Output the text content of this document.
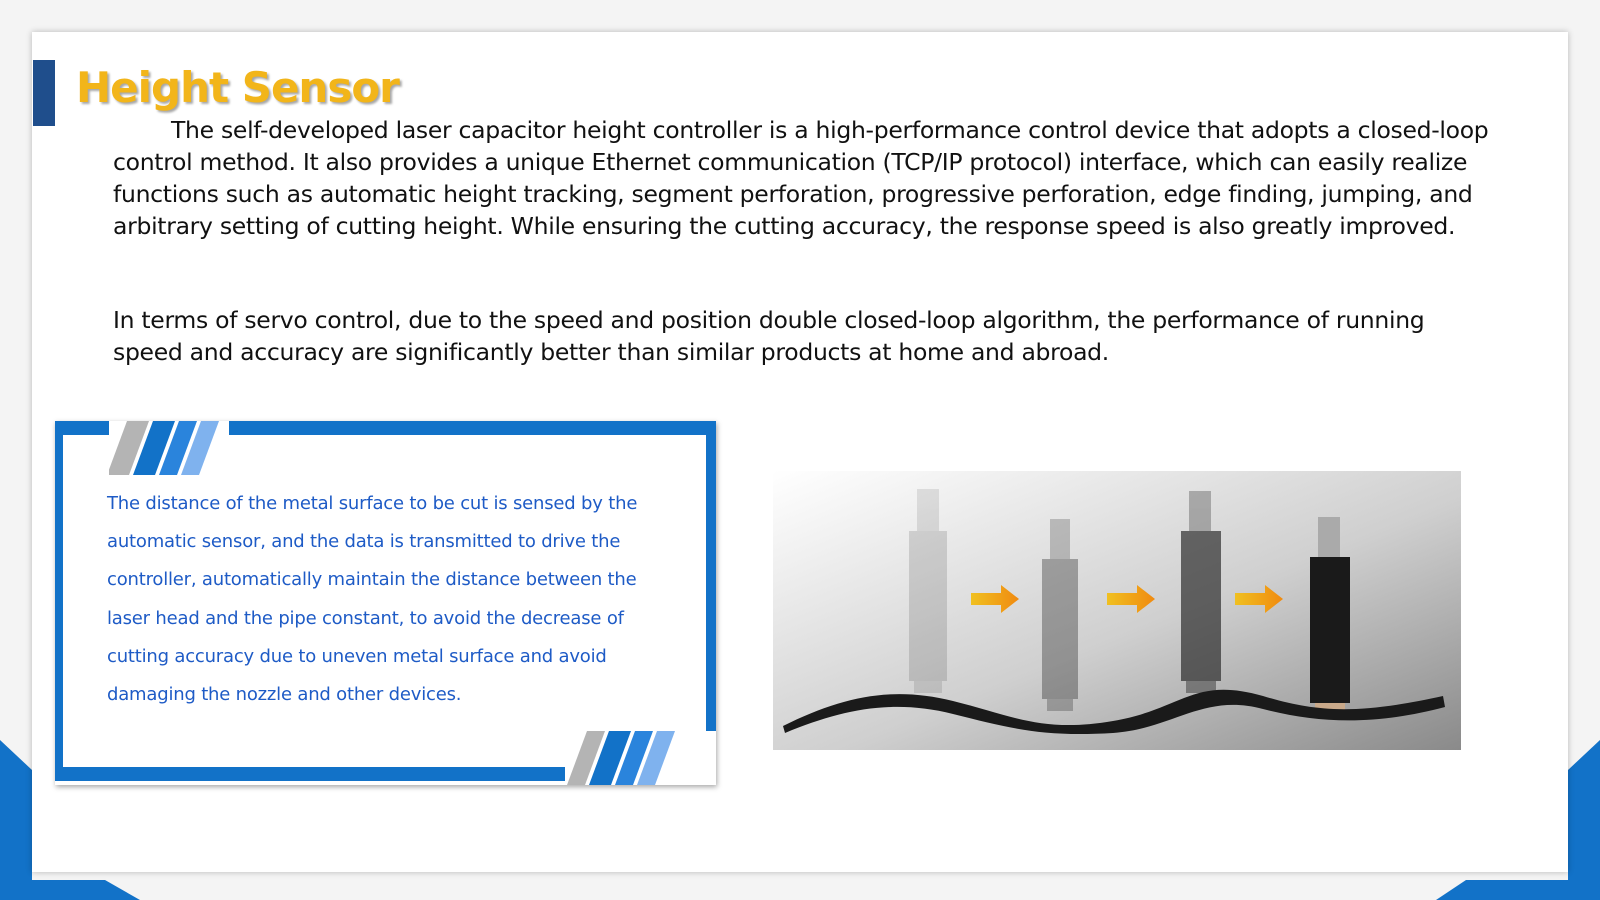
Height Sensor

The self-developed laser capacitor height controller is a high-performance control device that adopts a closed-loop control method. It also provides a unique Ethernet communication (TCP/IP protocol) interface, which can easily realize functions such as automatic height tracking, segment perforation, progressive perforation, edge finding, jumping, and arbitrary setting of cutting height. While ensuring the cutting accuracy, the response speed is also greatly improved.

In terms of servo control, due to the speed and position double closed-loop algorithm, the performance of running speed and accuracy are significantly better than similar products at home and abroad.

The distance of the metal surface to be cut is sensed by the automatic sensor, and the data is transmitted to drive the controller, automatically maintain the distance between the laser head and the pipe constant, to avoid the decrease of cutting accuracy due to uneven metal surface and avoid damaging the nozzle and other devices.
